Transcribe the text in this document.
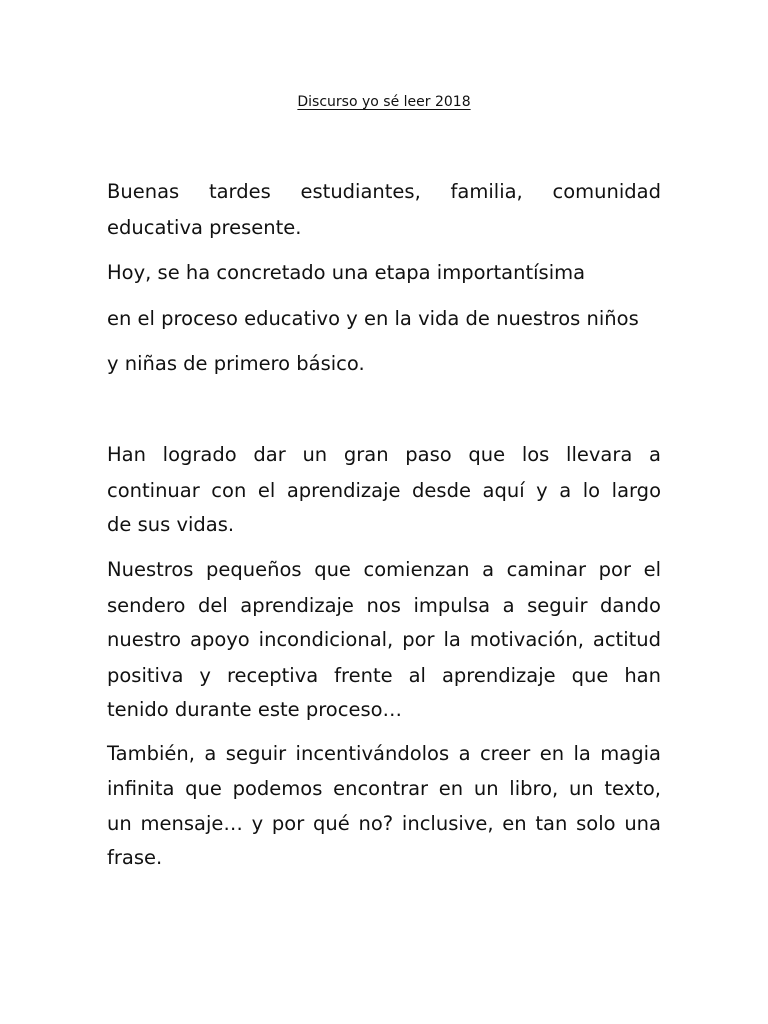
Discurso yo sé leer 2018
Buenas tardes estudiantes, familia, comunidad
educativa presente.
Hoy, se ha concretado una etapa importantísima
en el proceso educativo y en la vida de nuestros niños
y niñas de primero básico.
Han logrado dar un gran paso que los llevara a
continuar con el aprendizaje desde aquí y a lo largo
de sus vidas.
Nuestros pequeños que comienzan a caminar por el
sendero del aprendizaje nos impulsa a seguir dando
nuestro apoyo incondicional, por la motivación, actitud
positiva y receptiva frente al aprendizaje que han
tenido durante este proceso…
También, a seguir incentivándolos a creer en la magia
infinita que podemos encontrar en un libro, un texto,
un mensaje… y por qué no? inclusive, en tan solo una
frase.
